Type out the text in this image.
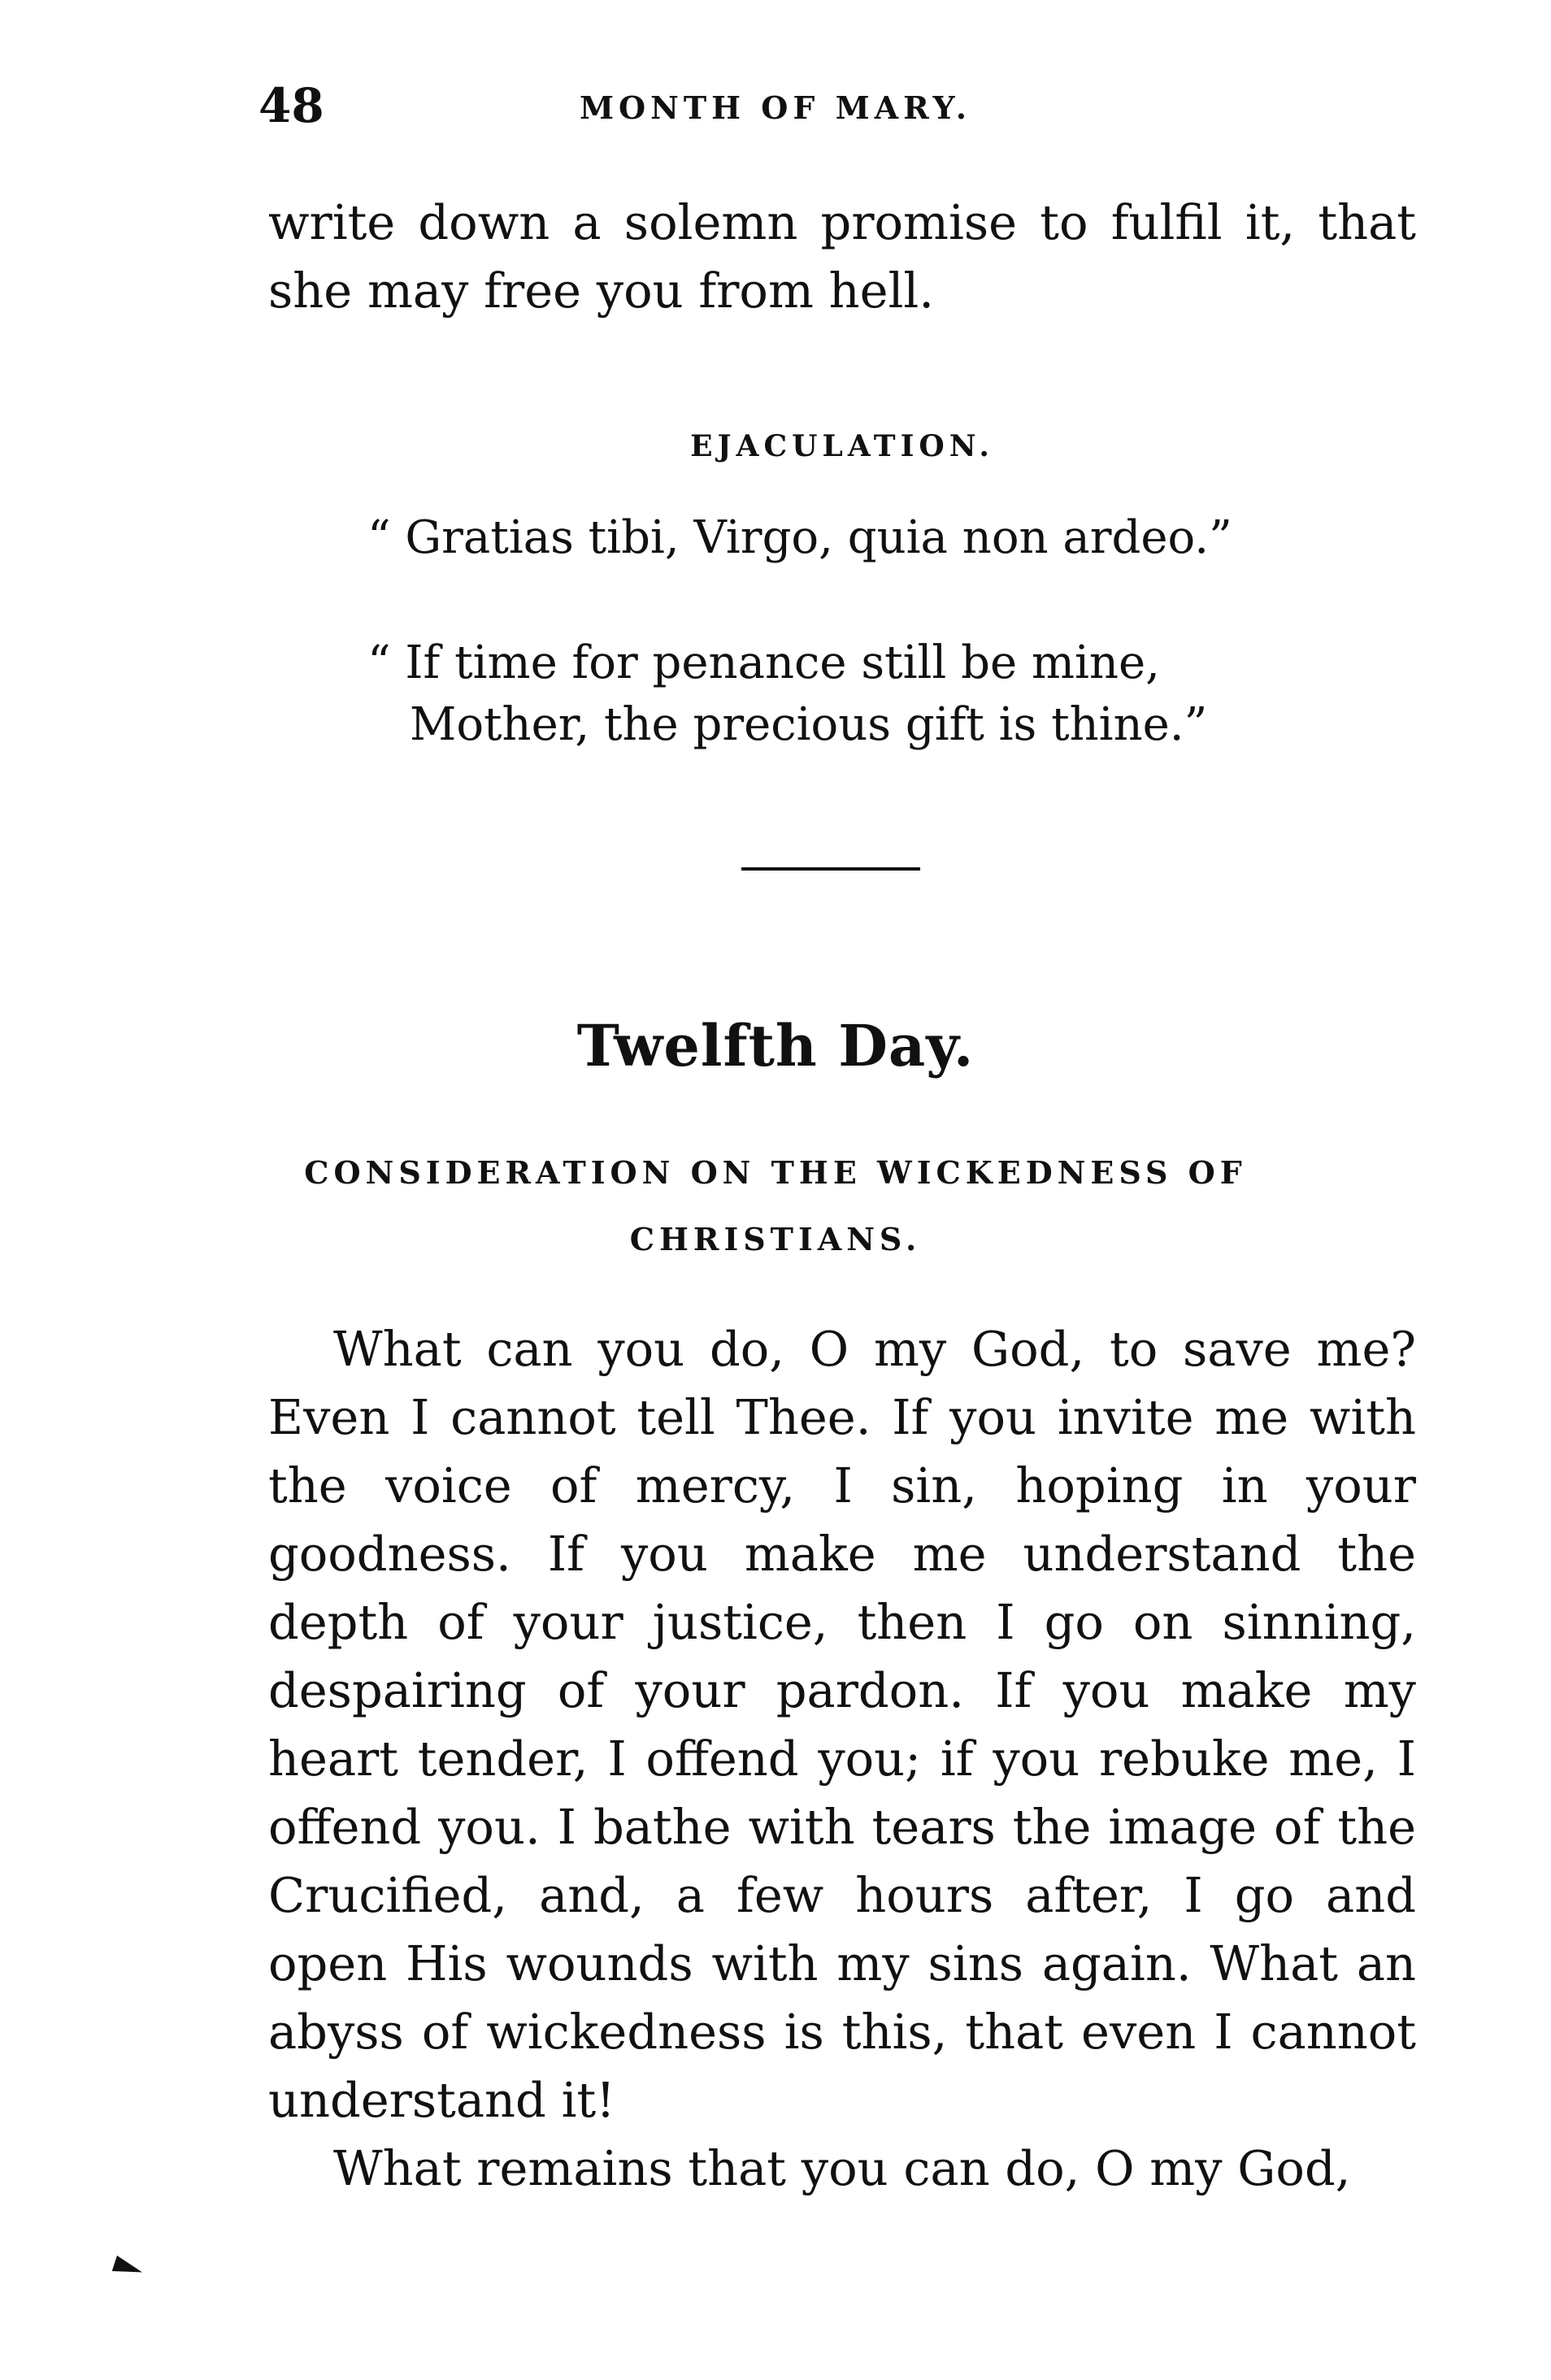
48	MONTH OF MARY.

write down a solemn promise to fulfil it, that

she may free you from hell.

EJACULATION.

“ Gratias tibi, Virgo, quia non ardeo.”

“ If time for penance still be mine,

Mother, the precious gift is thine.”

Twelfth Day.
CONSIDERATION ON THE WICKEDNESS OF
CHRISTIANS.

What can you do, O my God, to save me? Even I cannot tell Thee. If you invite me with the voice of mercy, I sin, hoping in your goodness. If you make me understand the depth of your justice, then I go on sinning, despairing of your pardon. If you make my heart tender, I offend you; if you rebuke me, I offend you. I bathe with tears the image of the Crucified, and, a few hours after, I go and open His wounds with my sins again. What an abyss of wickedness is this, that even I cannot understand it!

What remains that you can do, O my God,
